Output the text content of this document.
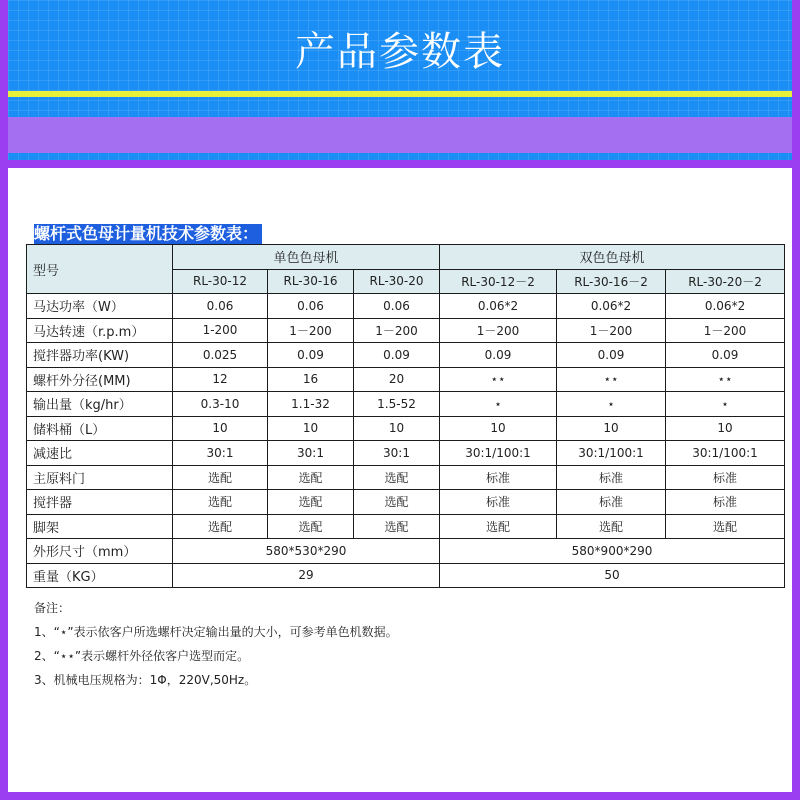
产品参数表
螺杆式色母计量机技术参数表：
型号	单色色母机			双色色母机		
	RL-30-12	RL-30-16	RL-30-20	RL-30-12－2	RL-30-16－2	RL-30-20－2
马达功率（W）	0.06	0.06	0.06	0.06*2	0.06*2	0.06*2
马达转速（r.p.m）	1-200	1－200	1－200	1－200	1－200	1－200
搅拌器功率(KW)	0.025	0.09	0.09	0.09	0.09	0.09
螺杆外分径(MM)	12	16	20	⋆⋆	⋆⋆	⋆⋆
输出量（kg/hr）	0.3-10	1.1-32	1.5-52	⋆	⋆	⋆
储料桶（L）	10	10	10	10	10	10
减速比	30:1	30:1	30:1	30:1/100:1	30:1/100:1	30:1/100:1
主原料门	选配	选配	选配	标准	标准	标准
搅拌器	选配	选配	选配	标准	标准	标准
脚架	选配	选配	选配	选配	选配	选配
外形尺寸（mm）	580*530*290			580*900*290		
重量（KG）	29			50		
备注：
1、“⋆”表示依客户所选螺杆决定输出量的大小，可参考单色机数据。
2、“⋆⋆”表示螺杆外径依客户选型而定。
3、机械电压规格为：1Φ，220V,50Hz。
